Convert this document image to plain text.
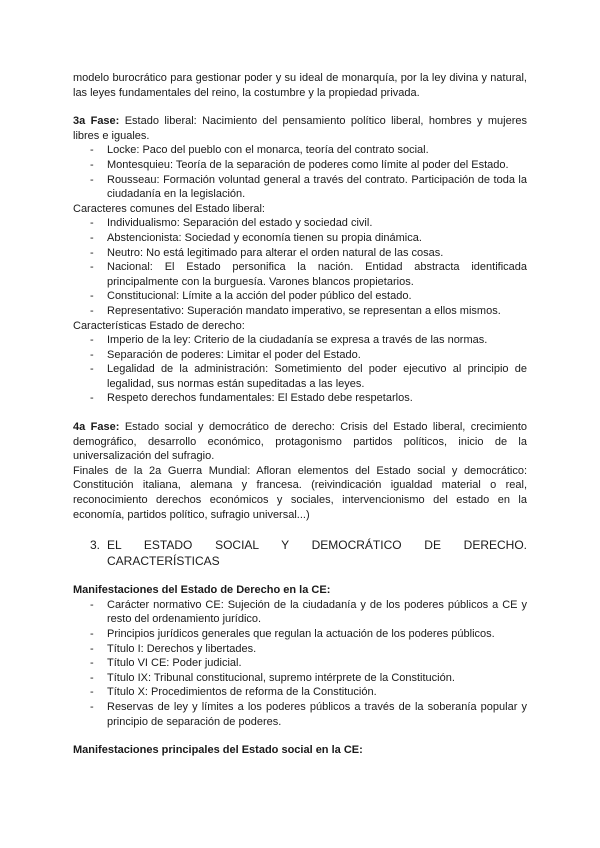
modelo burocrático para gestionar poder y su ideal de monarquía, por la ley divina y natural, las leyes fundamentales del reino, la costumbre y la propiedad privada.

3a Fase: Estado liberal: Nacimiento del pensamiento político liberal, hombres y mujeres libres e iguales.

- Locke: Paco del pueblo con el monarca, teoría del contrato social.
- Montesquieu: Teoría de la separación de poderes como límite al poder del Estado.
- Rousseau: Formación voluntad general a través del contrato. Participación de toda la ciudadanía en la legislación.

Caracteres comunes del Estado liberal:

- Individualismo: Separación del estado y sociedad civil.
- Abstencionista: Sociedad y economía tienen su propia dinámica.
- Neutro: No está legitimado para alterar el orden natural de las cosas.
- Nacional: El Estado personifica la nación. Entidad abstracta identificada principalmente con la burguesía. Varones blancos propietarios.
- Constitucional: Límite a la acción del poder público del estado.
- Representativo: Superación mandato imperativo, se representan a ellos mismos.

Características Estado de derecho:

- Imperio de la ley: Criterio de la ciudadanía se expresa a través de las normas.
- Separación de poderes: Limitar el poder del Estado.
- Legalidad de la administración: Sometimiento del poder ejecutivo al principio de legalidad, sus normas están supeditadas a las leyes.
- Respeto derechos fundamentales: El Estado debe respetarlos.

4a Fase: Estado social y democrático de derecho: Crisis del Estado liberal, crecimiento demográfico, desarrollo económico, protagonismo partidos políticos, inicio de la universalización del sufragio.

Finales de la 2a Guerra Mundial: Afloran elementos del Estado social y democrático: Constitución italiana, alemana y francesa. (reivindicación igualdad material o real, reconocimiento derechos económicos y sociales, intervencionismo del estado en la economía, partidos político, sufragio universal...)

3. EL ESTADO SOCIAL Y DEMOCRÁTICO DE DERECHO. CARACTERÍSTICAS

Manifestaciones del Estado de Derecho en la CE:

- Carácter normativo CE: Sujeción de la ciudadanía y de los poderes públicos a CE y resto del ordenamiento jurídico.
- Principios jurídicos generales que regulan la actuación de los poderes públicos.
- Título I: Derechos y libertades.
- Título VI CE: Poder judicial.
- Título IX: Tribunal constitucional, supremo intérprete de la Constitución.
- Título X: Procedimientos de reforma de la Constitución.
- Reservas de ley y límites a los poderes públicos a través de la soberanía popular y principio de separación de poderes.

Manifestaciones principales del Estado social en la CE:
